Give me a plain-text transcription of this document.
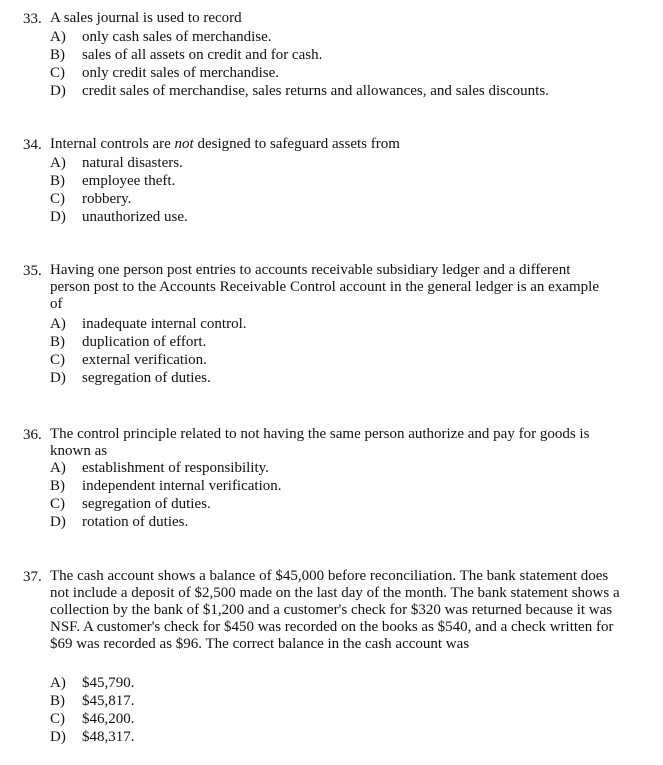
33. A sales journal is used to record
A) only cash sales of merchandise.
B) sales of all assets on credit and for cash.
C) only credit sales of merchandise.
D) credit sales of merchandise, sales returns and allowances, and sales discounts.
34. Internal controls are not designed to safeguard assets from
A) natural disasters.
B) employee theft.
C) robbery.
D) unauthorized use.
35. Having one person post entries to accounts receivable subsidiary ledger and a different person post to the Accounts Receivable Control account in the general ledger is an example of
A) inadequate internal control.
B) duplication of effort.
C) external verification.
D) segregation of duties.
36. The control principle related to not having the same person authorize and pay for goods is known as
A) establishment of responsibility.
B) independent internal verification.
C) segregation of duties.
D) rotation of duties.
37. The cash account shows a balance of $45,000 before reconciliation. The bank statement does not include a deposit of $2,500 made on the last day of the month. The bank statement shows a collection by the bank of $1,200 and a customer's check for $320 was returned because it was NSF. A customer's check for $450 was recorded on the books as $540, and a check written for $69 was recorded as $96. The correct balance in the cash account was
A) $45,790.
B) $45,817.
C) $46,200.
D) $48,317.
